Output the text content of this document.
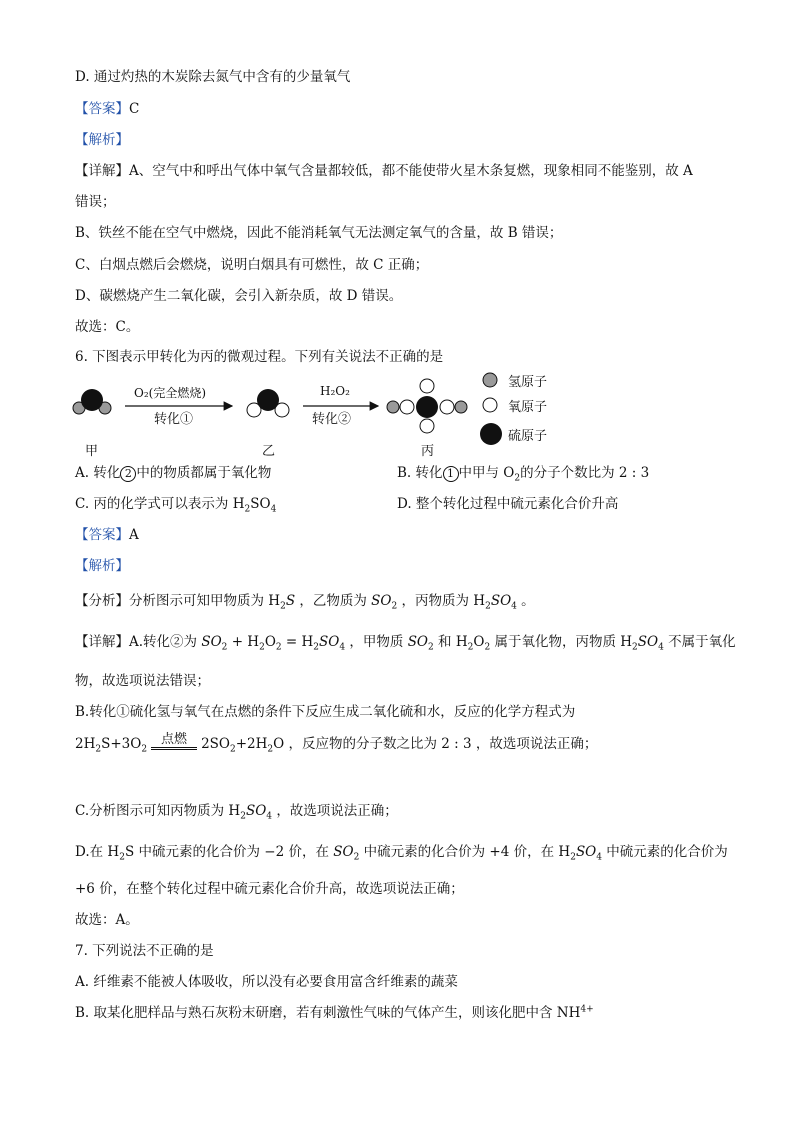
D. 通过灼热的木炭除去氮气中含有的少量氧气
【答案】C
【解析】
【详解】A、空气中和呼出气体中氧气含量都较低，都不能使带火星木条复燃，现象相同不能鉴别，故 A
错误；
B、铁丝不能在空气中燃烧，因此不能消耗氧气无法测定氧气的含量，故 B 错误；
C、白烟点燃后会燃烧，说明白烟具有可燃性，故 C 正确；
D、碳燃烧产生二氧化碳，会引入新杂质，故 D 错误。
故选：C。
6. 下图表示甲转化为丙的微观过程。下列有关说法不正确的是
O₂(完全燃烧)
转化①
H₂O₂
转化②
甲	乙	丙
氢原子
氧原子
硫原子
A. 转化 2 中的物质都属于氧化物	B. 转化 1 中甲与 $O_2$的分子个数比为 2 : 3
C. 丙的化学式可以表示为 $H_2SO_4$	D. 整个转化过程中硫元素化合价升高
【答案】A
【解析】
【分析】分析图示可知甲物质为 $H_2S$ ，乙物质为 $SO_2$ ，丙物质为 $H_2SO_4$ 。
【详解】A.转化②为 $SO_2 + H_2O_2 = H_2SO_4$ ，甲物质 $SO_2$ 和 $H_2O_2$ 属于氧化物，丙物质 $H_2SO_4$ 不属于氧化
物，故选项说法错误；
B.转化①硫化氢与氧气在点燃的条件下反应生成二氧化硫和水，反应的化学方程式为
$2H_2S+3O_2$
点燃	$2SO_2+2H_2O$ ，反应物的分子数之比为 2 : 3 ，故选项说法正确；
C.分析图示可知丙物质为 $H_2SO_4$ ，故选项说法正确；
D.在 $H_2S$ 中硫元素的化合价为 −2 价，在 $SO_2$ 中硫元素的化合价为 +4 价，在 $H_2SO_4$ 中硫元素的化合价为
+6 价，在整个转化过程中硫元素化合价升高，故选项说法正确；
故选：A。
7. 下列说法不正确的是
A. 纤维素不能被人体吸收，所以没有必要食用富含纤维素的蔬菜
B. 取某化肥样品与熟石灰粉末研磨，若有刺激性气味的气体产生，则该化肥中含 $NH_{4+}$
